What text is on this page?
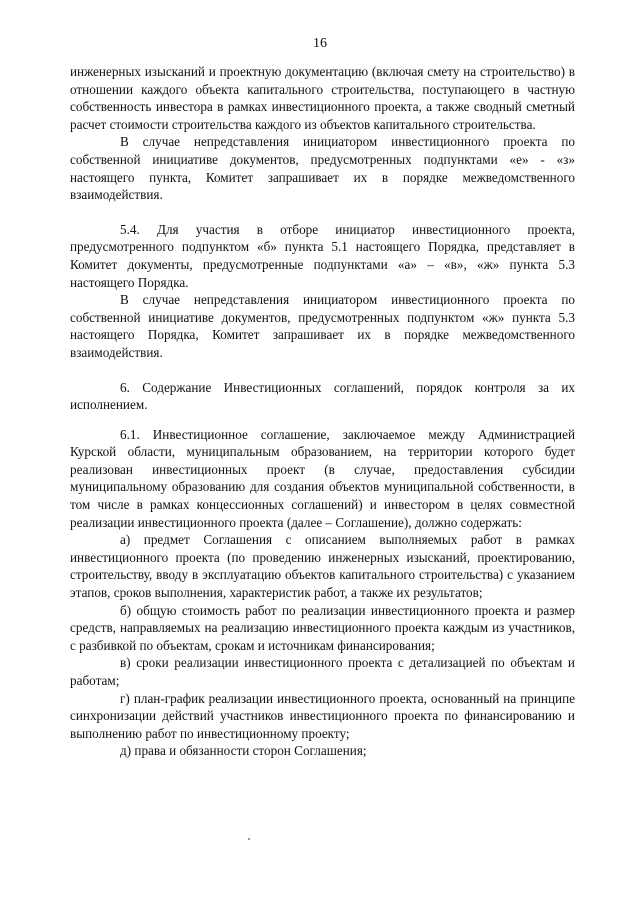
16

инженерных изысканий и проектную документацию (включая смету на строительство) в отношении каждого объекта капитального строительства, поступающего в частную собственность инвестора в рамках инвестиционного проекта, а также сводный сметный расчет стоимости строительства каждого из объектов капитального строительства.

В случае непредставления инициатором инвестиционного проекта по собственной инициативе документов, предусмотренных подпунктами «е» - «з» настоящего пункта, Комитет запрашивает их в порядке межведомственного взаимодействия.

5.4. Для участия в отборе инициатор инвестиционного проекта, предусмотренного подпунктом «б» пункта 5.1 настоящего Порядка, представляет в Комитет документы, предусмотренные подпунктами «а» – «в», «ж» пункта 5.3 настоящего Порядка.

В случае непредставления инициатором инвестиционного проекта по собственной инициативе документов, предусмотренных подпунктом «ж» пункта 5.3 настоящего Порядка, Комитет запрашивает их в порядке межведомственного взаимодействия.

6. Содержание Инвестиционных соглашений, порядок контроля за их исполнением.

6.1. Инвестиционное соглашение, заключаемое между Администрацией Курской области, муниципальным образованием, на территории которого будет реализован инвестиционных проект (в случае, предоставления субсидии муниципальному образованию для создания объектов муниципальной собственности, в том числе в рамках концессионных соглашений) и инвестором в целях совместной реализации инвестиционного проекта (далее – Соглашение), должно содержать:

а) предмет Соглашения с описанием выполняемых работ в рамках инвестиционного проекта (по проведению инженерных изысканий, проектированию, строительству, вводу в эксплуатацию объектов капитального строительства) с указанием этапов, сроков выполнения, характеристик работ, а также их результатов;

б) общую стоимость работ по реализации инвестиционного проекта и размер средств, направляемых на реализацию инвестиционного проекта каждым из участников, с разбивкой по объектам, срокам и источникам финансирования;

в) сроки реализации инвестиционного проекта с детализацией по объектам и работам;

г) план-график реализации инвестиционного проекта, основанный на принципе синхронизации действий участников инвестиционного проекта по финансированию и выполнению работ по инвестиционному проекту;

д) права и обязанности сторон Соглашения;
